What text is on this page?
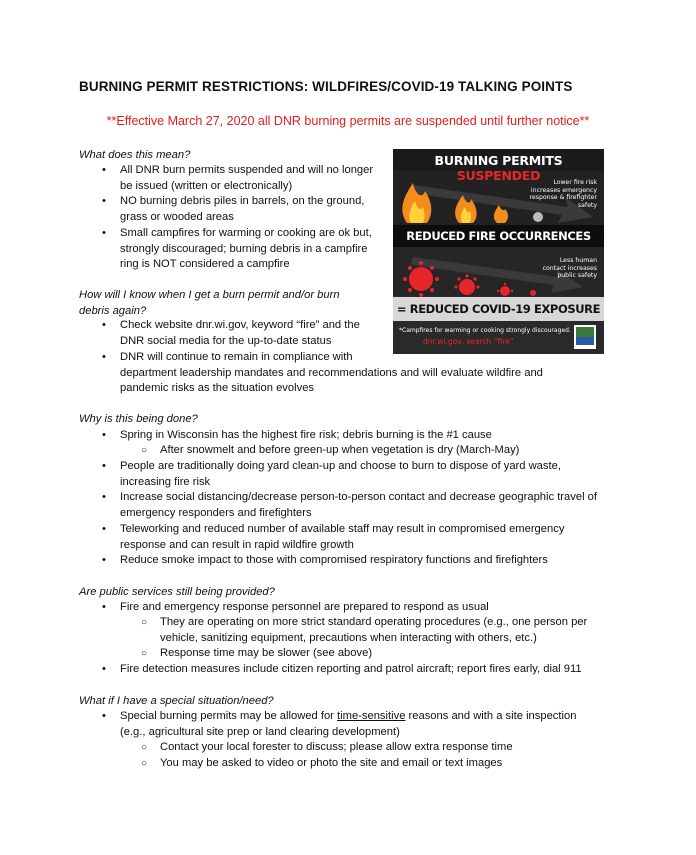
BURNING PERMIT RESTRICTIONS: WILDFIRES/COVID-19 TALKING POINTS
**Effective March 27, 2020 all DNR burning permits are suspended until further notice**
What does this mean?
• All DNR burn permits suspended and will no longer
be issued (written or electronically)
• NO burning debris piles in barrels, on the ground,
grass or wooded areas
• Small campfires for warming or cooking are ok but,
strongly discouraged; burning debris in a campfire
ring is NOT considered a campfire
How will I know when I get a burn permit and/or burn
debris again?
• Check website dnr.wi.gov, keyword “fire” and the
DNR social media for the up-to-date status
• DNR will continue to remain in compliance with
department leadership mandates and recommendations and will evaluate wildfire and
pandemic risks as the situation evolves
Why is this being done?
• Spring in Wisconsin has the highest fire risk; debris burning is the #1 cause
○ After snowmelt and before green-up when vegetation is dry (March-May)
• People are traditionally doing yard clean-up and choose to burn to dispose of yard waste,
increasing fire risk
• Increase social distancing/decrease person-to-person contact and decrease geographic travel of
emergency responders and firefighters
• Teleworking and reduced number of available staff may result in compromised emergency
response and can result in rapid wildfire growth
• Reduce smoke impact to those with compromised respiratory functions and firefighters
Are public services still being provided?
• Fire and emergency response personnel are prepared to respond as usual
○ They are operating on more strict standard operating procedures (e.g., one person per
vehicle, sanitizing equipment, precautions when interacting with others, etc.)
○ Response time may be slower (see above)
• Fire detection measures include citizen reporting and patrol aircraft; report fires early, dial 911
What if I have a special situation/need?
• Special burning permits may be allowed for time-sensitive reasons and with a site inspection
(e.g., agricultural site prep or land clearing development)
○ Contact your local forester to discuss; please allow extra response time
○ You may be asked to video or photo the site and email or text images
BURNING PERMITS SUSPENDED	Lower fire risk
increases emergency
response & firefighter
safety
REDUCED FIRE OCCURRENCES
Less human
contact increases
public safety
= REDUCED COVID-19 EXPOSURE
*Campfires for warming or cooking strongly discouraged.
dnr.wi.gov, search “fire”
